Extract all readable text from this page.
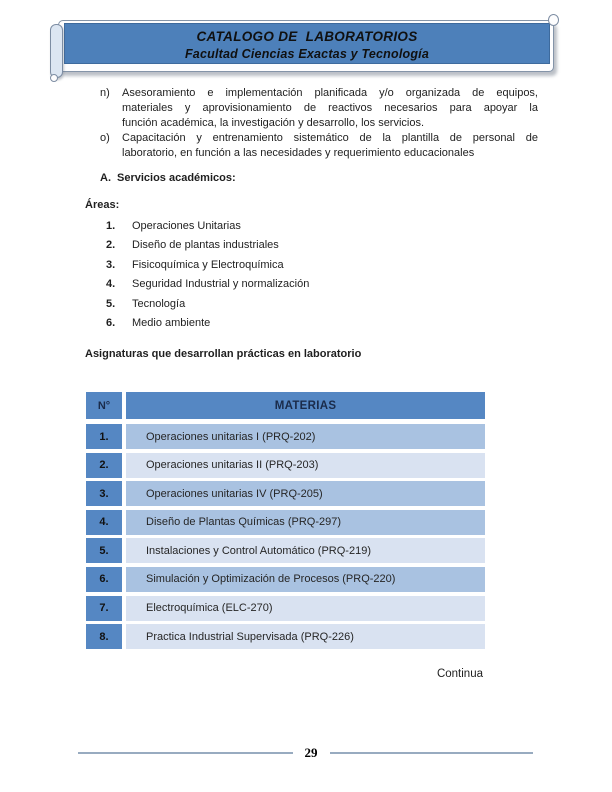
CATALOGO DE  LABORATORIOS
Facultad Ciencias Exactas y Tecnología
n) Asesoramiento e implementación planificada y/o organizada de equipos,
materiales y aprovisionamiento de reactivos necesarios para apoyar la
función académica, la investigación y desarrollo, los servicios.
o) Capacitación y entrenamiento sistemático de la plantilla de personal de
laboratorio, en función a las necesidades y requerimiento educacionales
A. Servicios académicos:
Áreas:
1.	Operaciones Unitarias
2.	Diseño de plantas industriales
3.	Fisicoquímica y Electroquímica
4.	Seguridad Industrial y normalización
5.	Tecnología
6.	Medio ambiente
Asignaturas que desarrollan prácticas en laboratorio
N°	MATERIAS
1.	Operaciones unitarias I (PRQ-202)
2.	Operaciones unitarias II (PRQ-203)
3.	Operaciones unitarias IV (PRQ-205)
4.	Diseño de Plantas Químicas (PRQ-297)
5.	Instalaciones y Control Automático (PRQ-219)
6.	Simulación y Optimización de Procesos (PRQ-220)
7.	Electroquímica (ELC-270)
8.	Practica Industrial Supervisada (PRQ-226)
Continua
29
